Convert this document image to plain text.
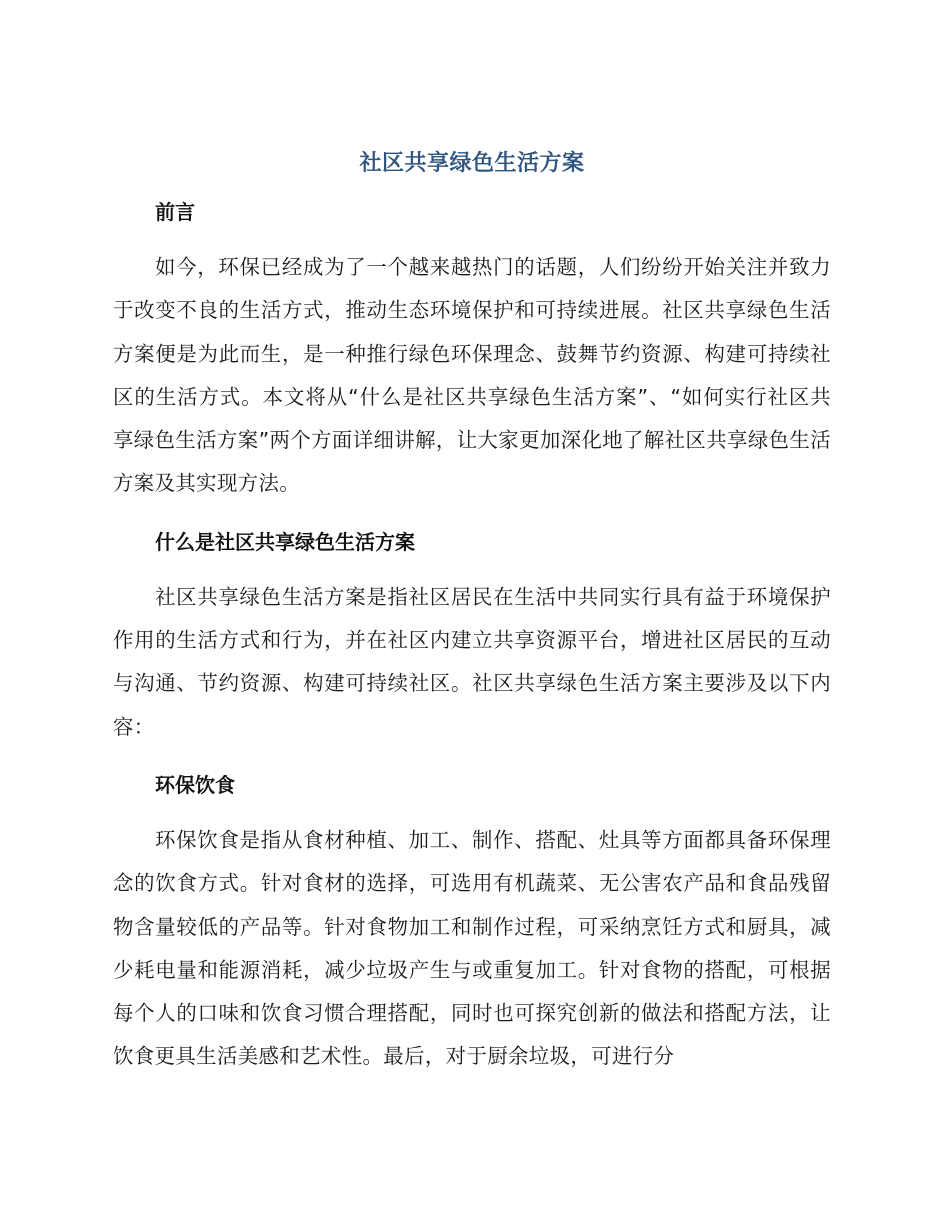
社区共享绿色生活方案
前言

如今，环保已经成为了一个越来越热门的话题，人们纷纷开始关注并致力于改变不良的生活方式，推动生态环境保护和可持续进展。社区共享绿色生活方案便是为此而生，是一种推行绿色环保理念、鼓舞节约资源、构建可持续社区的生活方式。本文将从“什么是社区共享绿色生活方案”、“如何实行社区共享绿色生活方案”两个方面详细讲解，让大家更加深化地了解社区共享绿色生活方案及其实现方法。

什么是社区共享绿色生活方案

社区共享绿色生活方案是指社区居民在生活中共同实行具有益于环境保护作用的生活方式和行为，并在社区内建立共享资源平台，增进社区居民的互动与沟通、节约资源、构建可持续社区。社区共享绿色生活方案主要涉及以下内容：

环保饮食

环保饮食是指从食材种植、加工、制作、搭配、灶具等方面都具备环保理念的饮食方式。针对食材的选择，可选用有机蔬菜、无公害农产品和食品残留物含量较低的产品等。针对食物加工和制作过程，可采纳烹饪方式和厨具，减少耗电量和能源消耗，减少垃圾产生与或重复加工。针对食物的搭配，可根据每个人的口味和饮食习惯合理搭配，同时也可探究创新的做法和搭配方法，让饮食更具生活美感和艺术性。最后，对于厨余垃圾，可进行分
